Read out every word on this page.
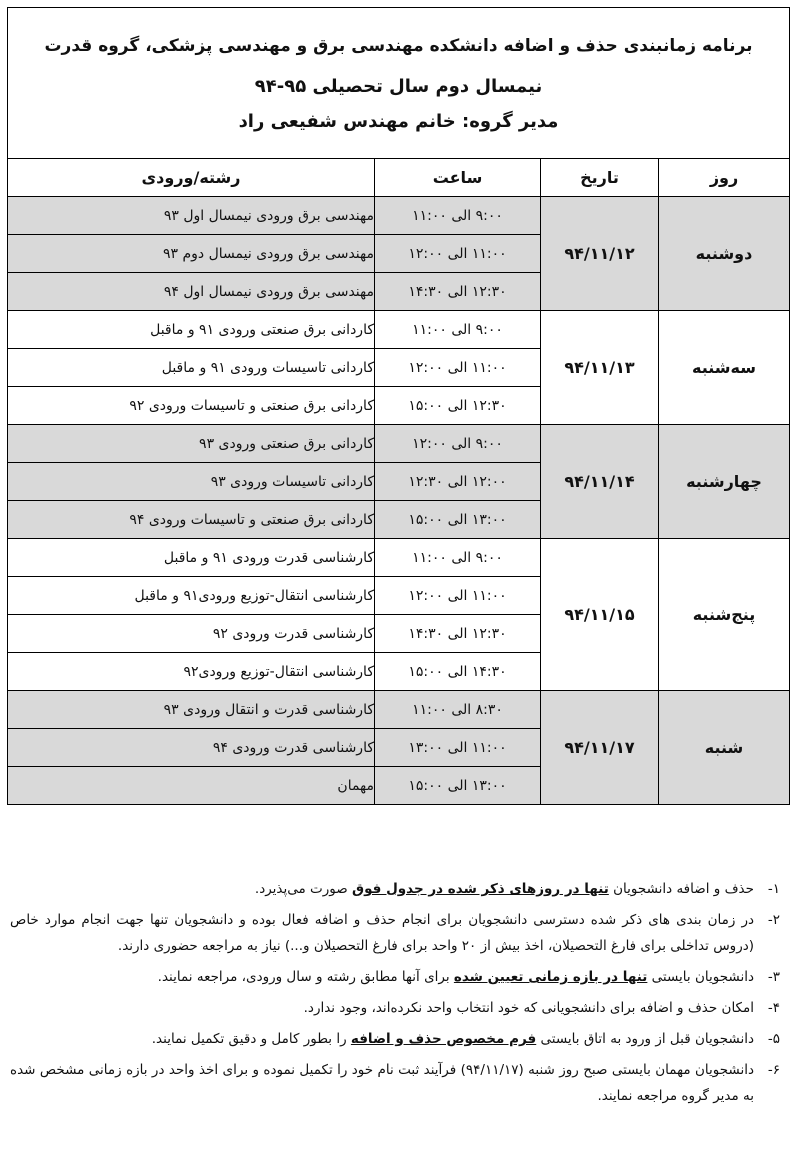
برنامه زمانبندی حذف و اضافه دانشکده مهندسی برق و مهندسی پزشکی، گروه قدرت
نیمسال دوم سال تحصیلی ۹۵-۹۴
مدیر گروه: خانم مهندس شفیعی راد			

روز	تاریخ	ساعت	رشته/ورودی
دوشنبه	۹۴/۱۱/۱۲	۹:۰۰ الی ۱۱:۰۰	مهندسی برق ورودی نیمسال اول ۹۳
		۱۱:۰۰ الی ۱۲:۰۰	مهندسی برق ورودی نیمسال دوم ۹۳
		۱۲:۳۰ الی ۱۴:۳۰	مهندسی برق ورودی نیمسال اول ۹۴
سه‌شنبه	۹۴/۱۱/۱۳	۹:۰۰ الی ۱۱:۰۰	کاردانی برق صنعتی ورودی ۹۱ و ماقبل
		۱۱:۰۰ الی ۱۲:۰۰	کاردانی تاسیسات ورودی ۹۱ و ماقبل
		۱۲:۳۰ الی ۱۵:۰۰	کاردانی برق صنعتی و تاسیسات ورودی ۹۲
چهارشنبه	۹۴/۱۱/۱۴	۹:۰۰ الی ۱۲:۰۰	کاردانی برق صنعتی ورودی ۹۳
		۱۲:۰۰ الی ۱۲:۳۰	کاردانی تاسیسات ورودی ۹۳
		۱۳:۰۰ الی ۱۵:۰۰	کاردانی برق صنعتی و تاسیسات ورودی ۹۴
پنج‌شنبه	۹۴/۱۱/۱۵	۹:۰۰ الی ۱۱:۰۰	کارشناسی قدرت ورودی ۹۱ و ماقبل
		۱۱:۰۰ الی ۱۲:۰۰	کارشناسی انتقال-توزیع ورودی۹۱ و ماقبل
		۱۲:۳۰ الی ۱۴:۳۰	کارشناسی قدرت ورودی ۹۲
		۱۴:۳۰ الی ۱۵:۰۰	کارشناسی انتقال-توزیع ورودی۹۲
شنبه	۹۴/۱۱/۱۷	۸:۳۰ الی ۱۱:۰۰	کارشناسی قدرت و انتقال ورودی ۹۳
		۱۱:۰۰ الی ۱۳:۰۰	کارشناسی قدرت ورودی ۹۴
		۱۳:۰۰ الی ۱۵:۰۰	مهمان
۱-
حذف و اضافه دانشجویان تنها در روزهای ذکر شده در جدول فوق صورت می‌پذیرد.
۲-
در زمان بندی های ذکر شده دسترسی دانشجویان برای انجام حذف و اضافه فعال بوده و دانشجویان تنها جهت انجام موارد خاص (دروس تداخلی برای فارغ التحصیلان، اخذ بیش از ۲۰ واحد برای فارغ التحصیلان و...) نیاز به مراجعه حضوری دارند.
۳-
دانشجویان بایستی تنها در بازه زمانی تعیین شده برای آنها مطابق رشته و سال ورودی، مراجعه نمایند.
۴-
امکان حذف و اضافه برای دانشجویانی که خود انتخاب واحد نکرده‌اند، وجود ندارد.
۵-
دانشجویان قبل از ورود به اتاق بایستی فرم مخصوص حذف و اضافه را بطور کامل و دقیق تکمیل نمایند.
۶-
دانشجویان مهمان بایستی صبح روز شنبه (۹۴/۱۱/۱۷) فرآیند ثبت نام خود را تکمیل نموده و برای اخذ واحد در بازه زمانی مشخص شده به مدیر گروه مراجعه نمایند.
